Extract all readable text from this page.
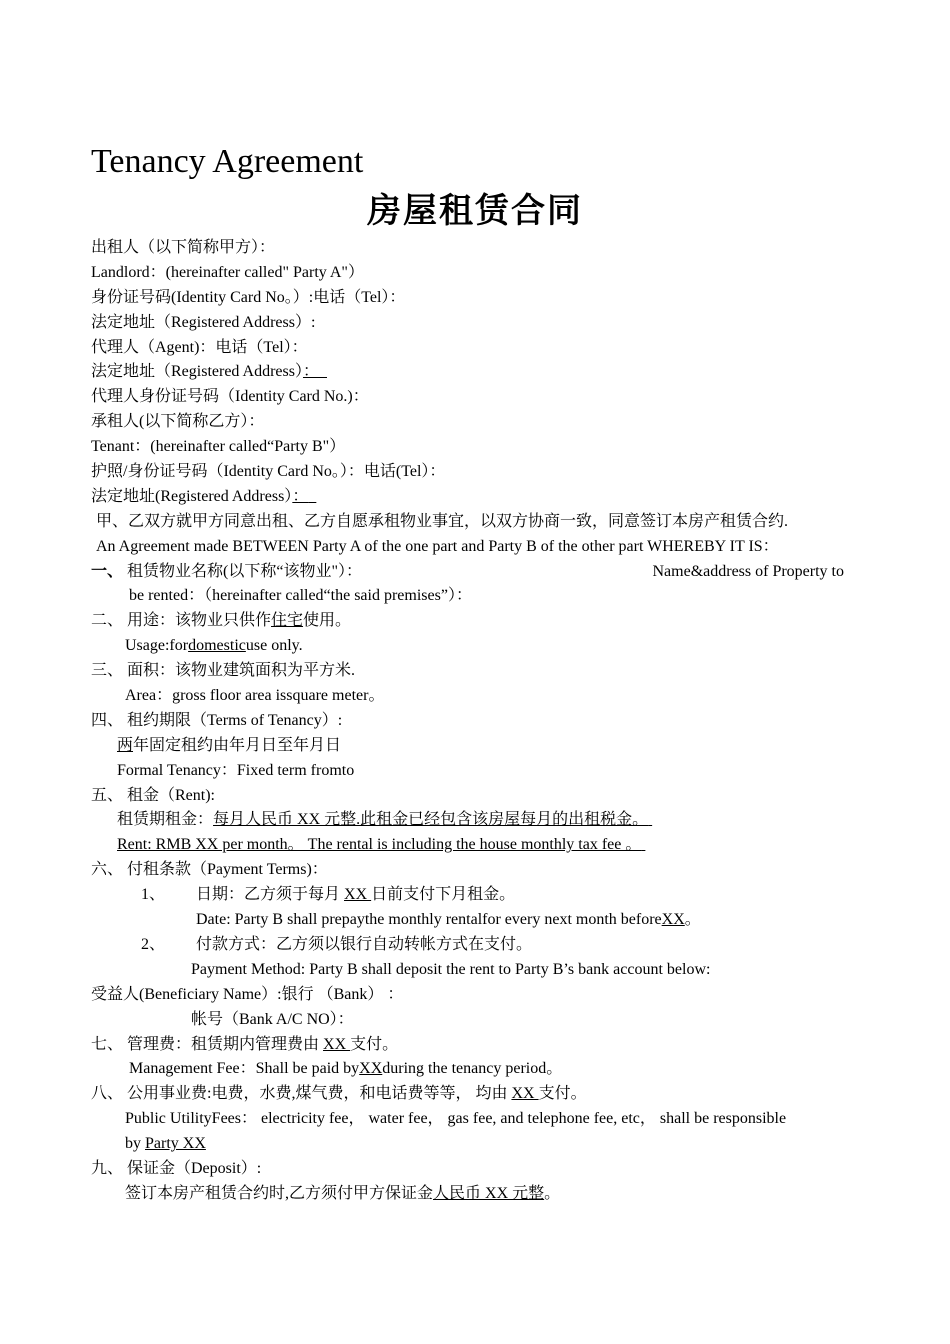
Tenancy Agreement
房屋租赁合同
出租人（以下简称甲方）：
Landlord：(hereinafter called" Party A"）
身份证号码(Identity Card No。）:电话（Tel）：
法定地址（Registered Address）:
代理人（Agent)：电话（Tel）：
法定地址（Registered Address）：
代理人身份证号码（Identity Card No.)：
承租人(以下简称乙方）：
Tenant：(hereinafter called“Party B"）
护照/身份证号码（Identity Card No。）：电话(Tel）：
法定地址(Registered Address）：
甲、乙双方就甲方同意出租、乙方自愿承租物业事宜，以双方协商一致，同意签订本房产租赁合约.
An Agreement made BETWEEN Party A of the one part and Party B of the other part WHEREBY IT IS：
一、 租赁物业名称(以下称“该物业"）：	Name&address of Property to
be rented：（hereinafter called“the said premises”）：
二、 用途：该物业只供作住宅使用。
Usage:fordomesticuse only.
三、 面积：该物业建筑面积为平方米.
Area：gross floor area issquare meter。
四、 租约期限（Terms of Tenancy）:
两年固定租约由年月日至年月日
Formal Tenancy：Fixed term fromto
五、 租金（Rent):
租赁期租金：每月人民币 XX 元整.此租金已经包含该房屋每月的出租税金。
Rent: RMB XX per month。 The rental is including the house monthly tax fee 。
六、 付租条款（Payment Terms)：
1、 日期：乙方须于每月 XX 日前支付下月租金。
Date: Party B shall prepaythe monthly rentalfor every next month beforeXX。
2、 付款方式：乙方须以银行自动转帐方式在支付。
Payment Method: Party B shall deposit the rent to Party B’s bank account below:
受益人(Beneficiary Name）:银行 （Bank） ：
帐号（Bank A/C NO）：
七、 管理费：租赁期内管理费由 XX 支付。
Management Fee：Shall be paid byXXduring the tenancy period。
八、 公用事业费:电费，水费,煤气费，和电话费等等， 均由 XX 支付。
Public UtilityFees： electricity fee， water fee， gas fee, and telephone fee, etc， shall be responsible
by Party XX
九、 保证金（Deposit）:
签订本房产租赁合约时,乙方须付甲方保证金人民币 XX 元整。
